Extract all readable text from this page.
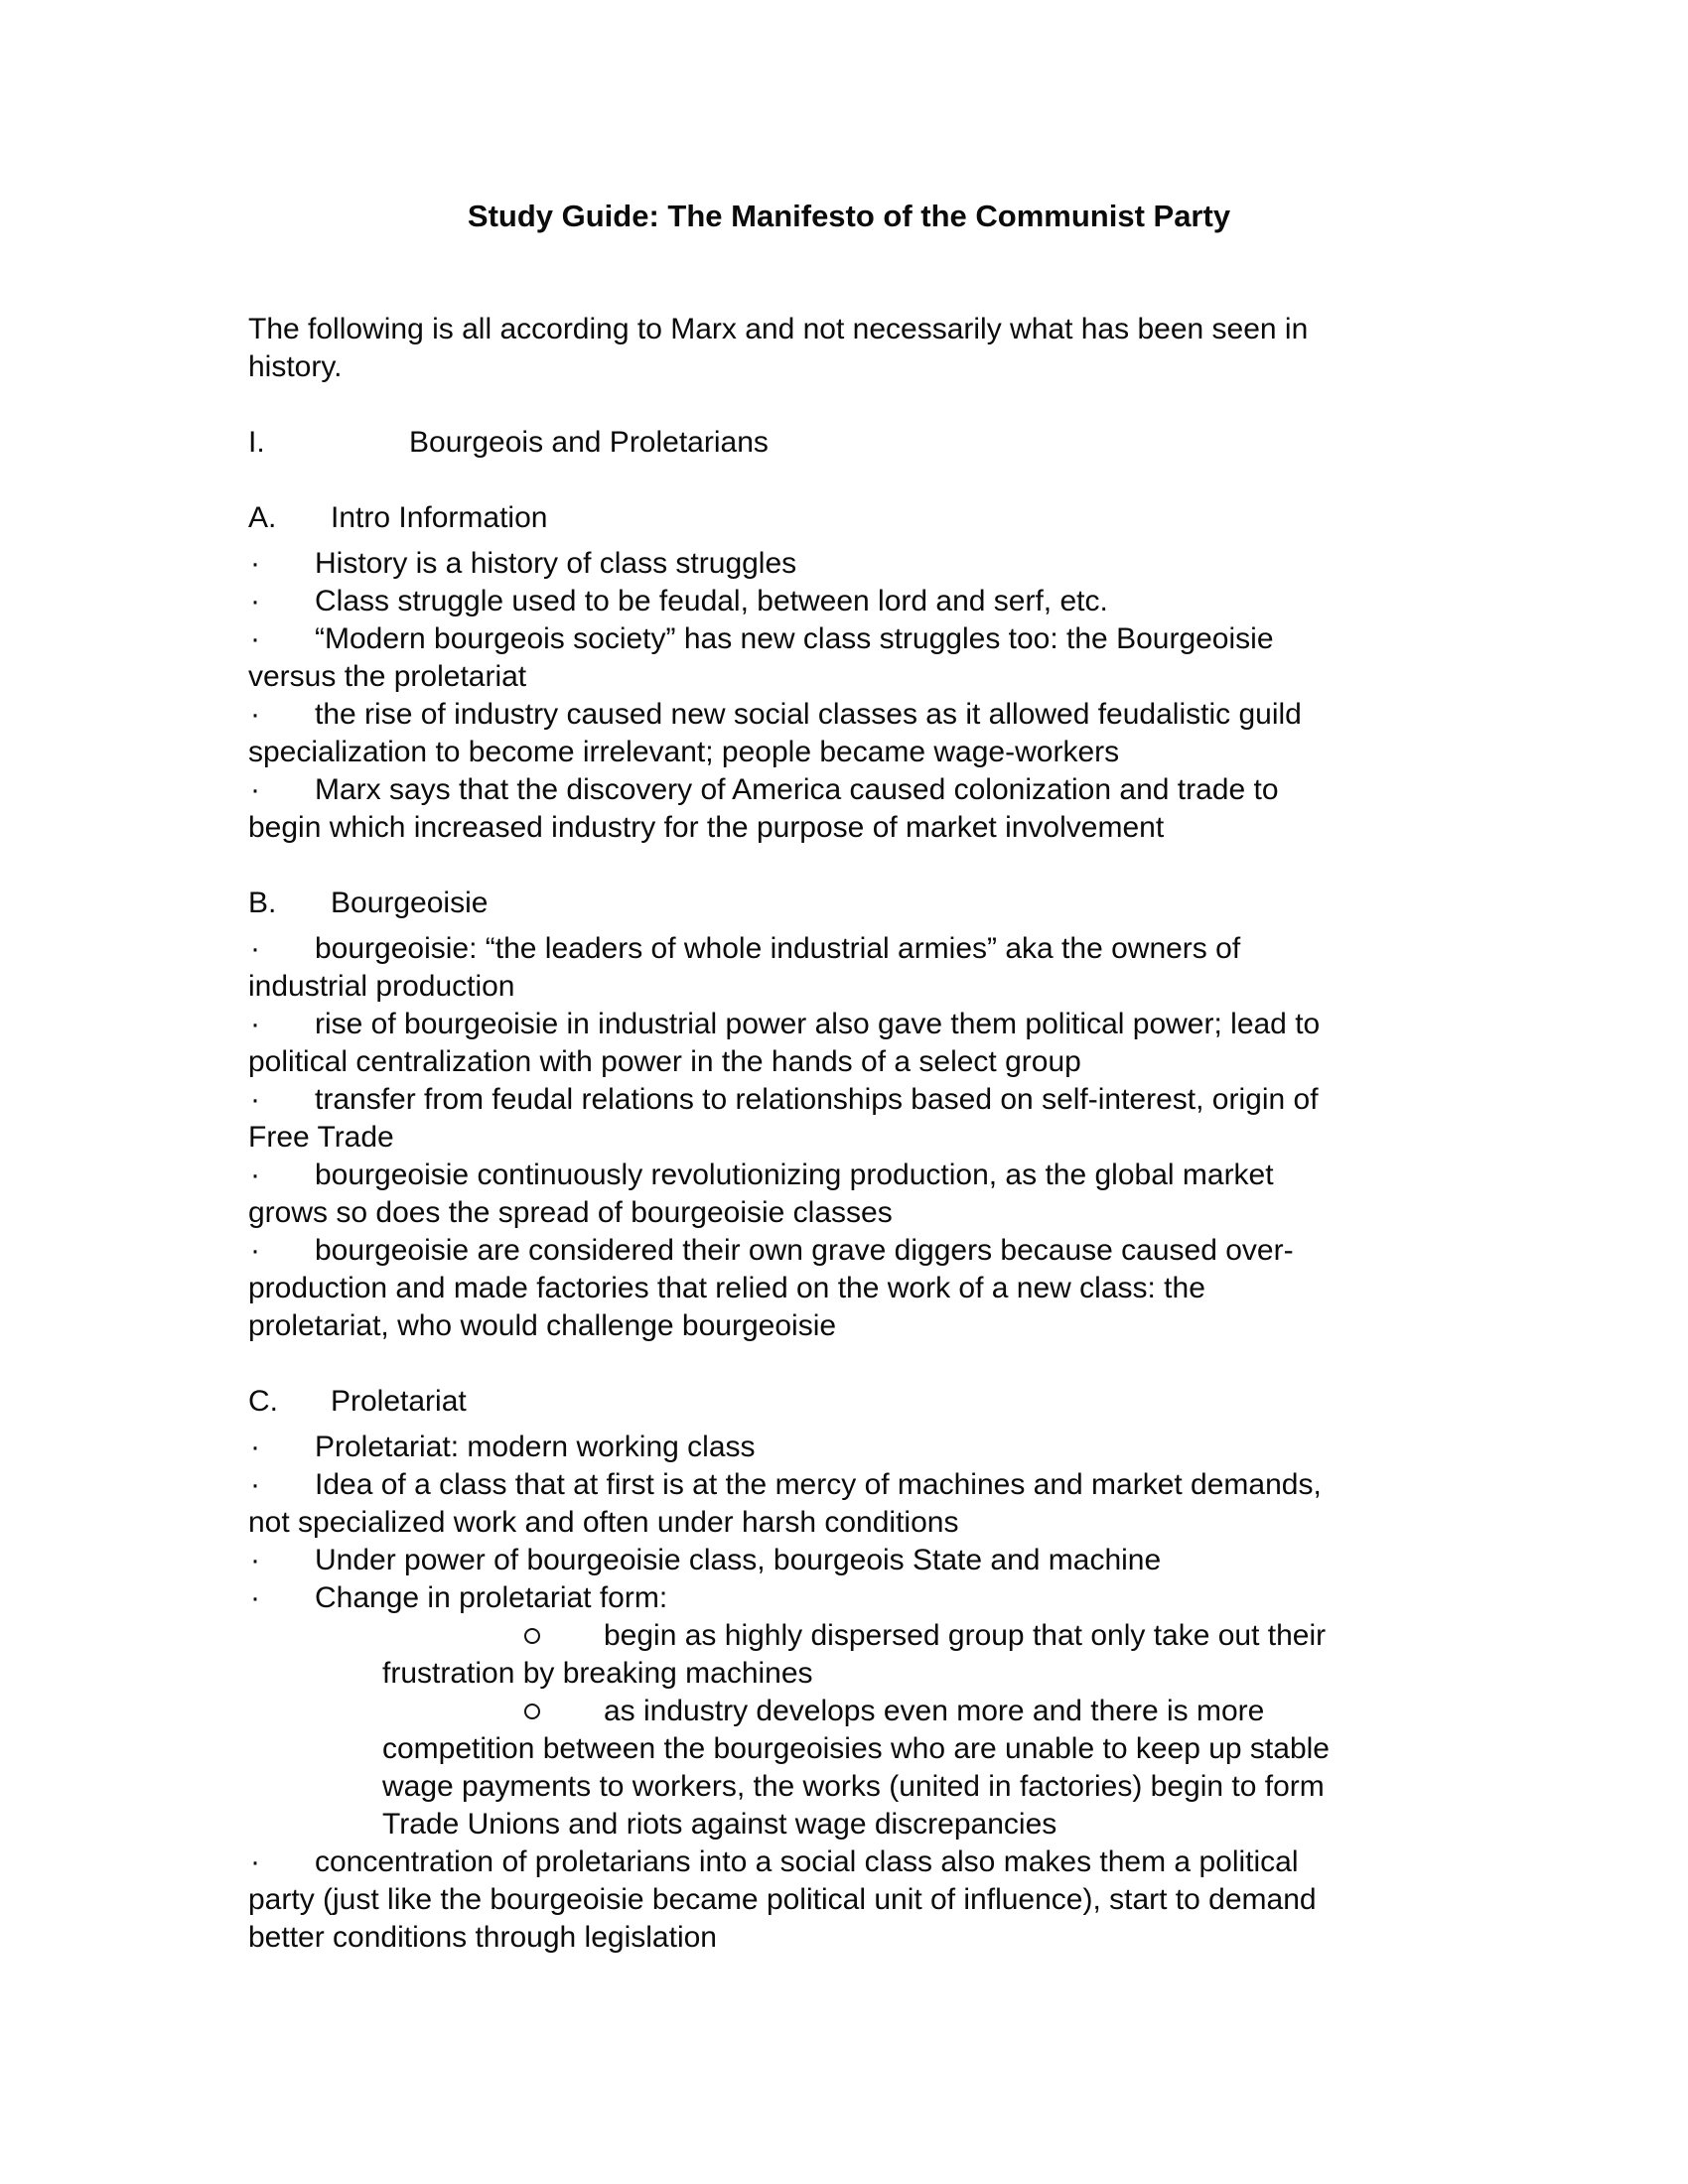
Study Guide: The Manifesto of the Communist Party
The following is all according to Marx and not necessarily what has been seen in
history.
I.	Bourgeois and Proletarians
A. Intro Information
· History is a history of class struggles
· Class struggle used to be feudal, between lord and serf, etc.
· “Modern bourgeois society” has new class struggles too: the Bourgeoisie
versus the proletariat
· the rise of industry caused new social classes as it allowed feudalistic guild
specialization to become irrelevant; people became wage-workers
· Marx says that the discovery of America caused colonization and trade to
begin which increased industry for the purpose of market involvement
B. Bourgeoisie
· bourgeoisie: “the leaders of whole industrial armies” aka the owners of
industrial production
· rise of bourgeoisie in industrial power also gave them political power; lead to
political centralization with power in the hands of a select group
· transfer from feudal relations to relationships based on self-interest, origin of
Free Trade
· bourgeoisie continuously revolutionizing production, as the global market
grows so does the spread of bourgeoisie classes
· bourgeoisie are considered their own grave diggers because caused over-
production and made factories that relied on the work of a new class: the
proletariat, who would challenge bourgeoisie
C. Proletariat
· Proletariat: modern working class
· Idea of a class that at first is at the mercy of machines and market demands,
not specialized work and often under harsh conditions
· Under power of bourgeoisie class, bourgeois State and machine
· Change in proletariat form:
begin as highly dispersed group that only take out their
frustration by breaking machines
as industry develops even more and there is more
competition between the bourgeoisies who are unable to keep up stable
wage payments to workers, the works (united in factories) begin to form
Trade Unions and riots against wage discrepancies
· concentration of proletarians into a social class also makes them a political
party (just like the bourgeoisie became political unit of influence), start to demand
better conditions through legislation
